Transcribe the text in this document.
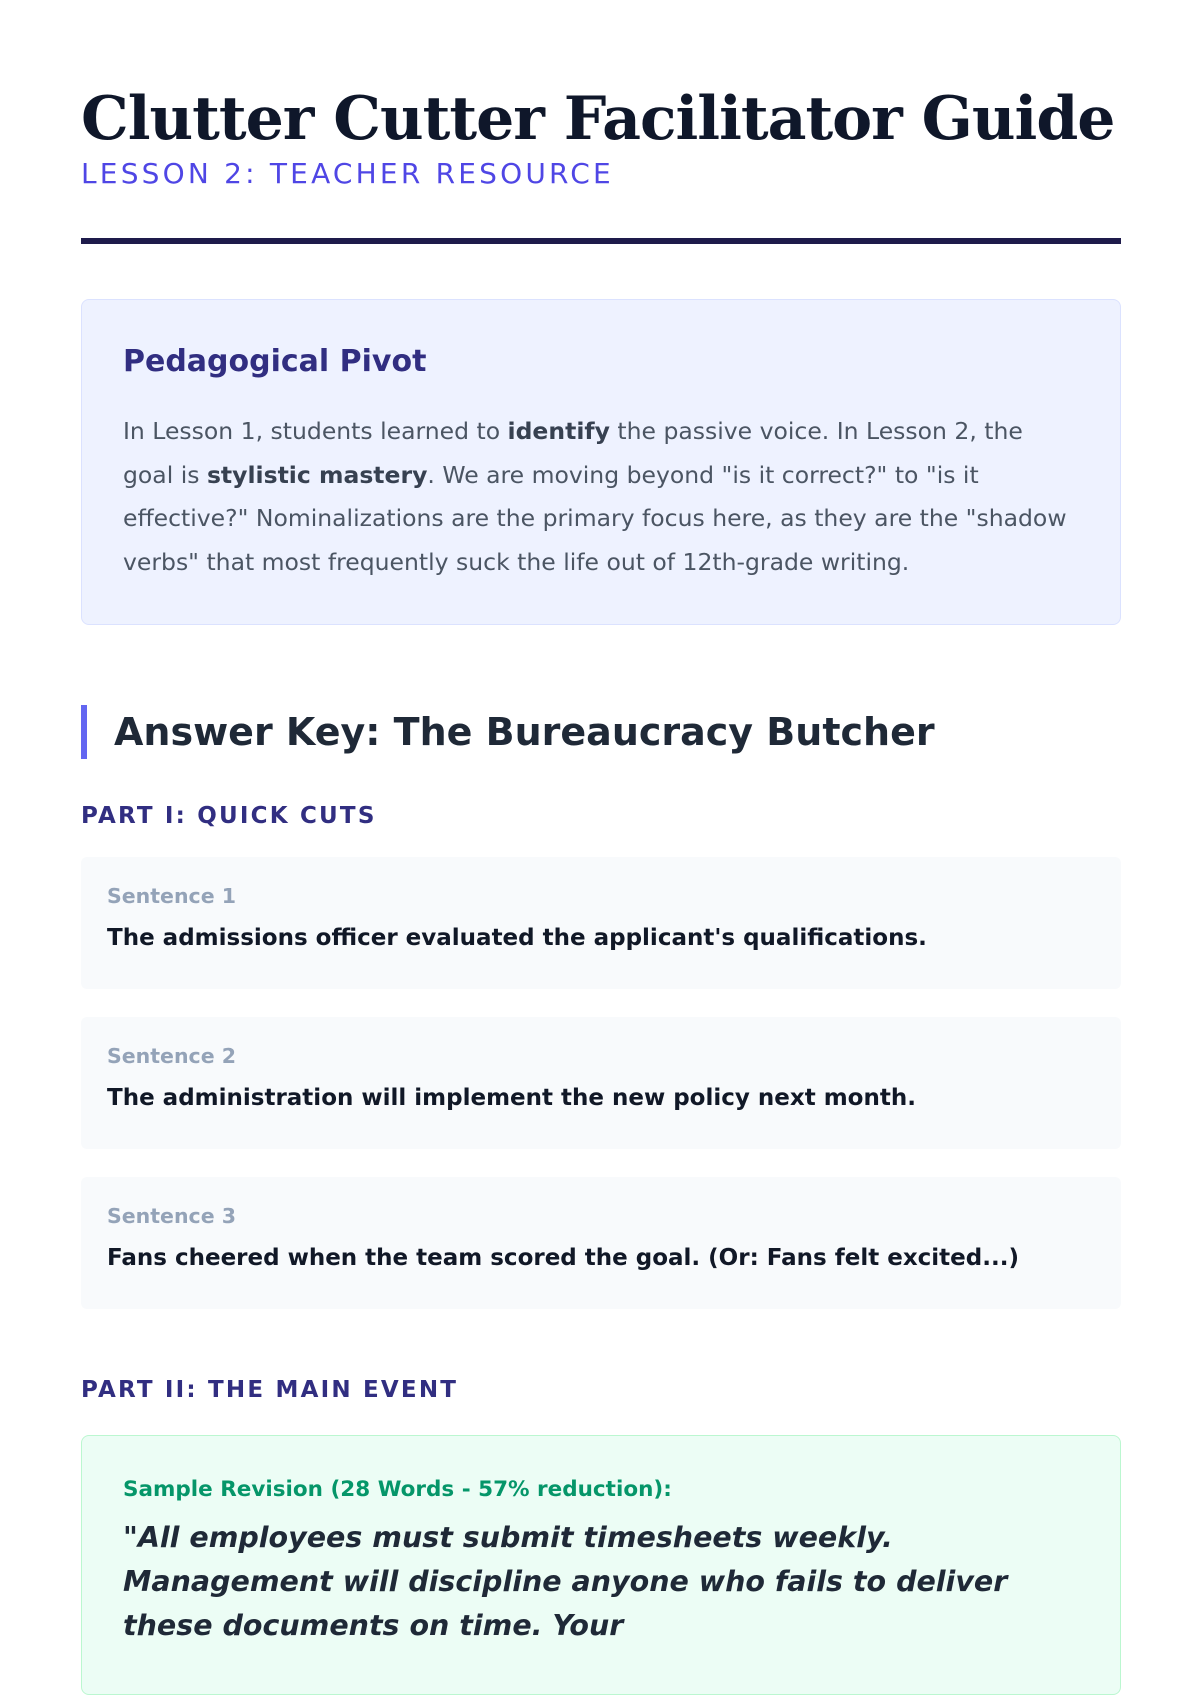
Clutter Cutter Facilitator Guide
LESSON 2: TEACHER RESOURCE
Pedagogical Pivot

In Lesson 1, students learned to identify the passive voice. In Lesson 2, the goal is stylistic mastery. We are moving beyond "is it correct?" to "is it effective?" Nominalizations are the primary focus here, as they are the "shadow verbs" that most frequently suck the life out of 12th-grade writing.

Answer Key: The Bureaucracy Butcher
PART I: QUICK CUTS
Sentence 1
The admissions officer evaluated the applicant's qualifications.
Sentence 2
The administration will implement the new policy next month.
Sentence 3
Fans cheered when the team scored the goal. (Or: Fans felt excited...)
PART II: THE MAIN EVENT
Sample Revision (28 Words - 57% reduction):
"All employees must submit timesheets weekly. Management will discipline anyone who fails to deliver these documents on time. Your
